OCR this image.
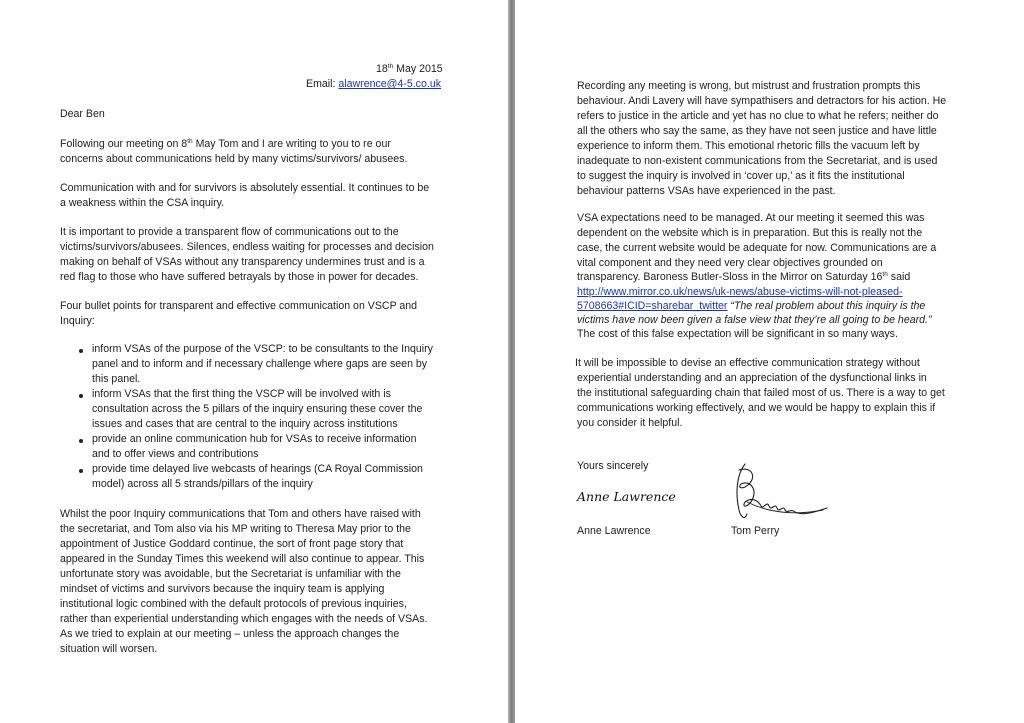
18th May 2015
Email: alawrence@4-5.co.uk
Dear Ben
Following our meeting on 8th May Tom and I are writing to you to re our
concerns about communications held by many victims/survivors/ abusees.
Communication with and for survivors is absolutely essential. It continues to be
a weakness within the CSA inquiry.
It is important to provide a transparent flow of communications out to the
victims/survivors/abusees. Silences, endless waiting for processes and decision
making on behalf of VSAs without any transparency undermines trust and is a
red flag to those who have suffered betrayals by those in power for decades.
Four bullet points for transparent and effective communication on VSCP and
Inquiry:
inform VSAs of the purpose of the VSCP: to be consultants to the Inquiry
panel and to inform and if necessary challenge where gaps are seen by
this panel.
inform VSAs that the first thing the VSCP will be involved with is
consultation across the 5 pillars of the inquiry ensuring these cover the
issues and cases that are central to the inquiry across institutions
provide an online communication hub for VSAs to receive information
and to offer views and contributions
provide time delayed live webcasts of hearings (CA Royal Commission
model) across all 5 strands/pillars of the inquiry
Whilst the poor Inquiry communications that Tom and others have raised with
the secretariat, and Tom also via his MP writing to Theresa May prior to the
appointment of Justice Goddard continue, the sort of front page story that
appeared in the Sunday Times this weekend will also continue to appear. This
unfortunate story was avoidable, but the Secretariat is unfamiliar with the
mindset of victims and survivors because the inquiry team is applying
institutional logic combined with the default protocols of previous inquiries,
rather than experiential understanding which engages with the needs of VSAs.
As we tried to explain at our meeting – unless the approach changes the
situation will worsen.
Recording any meeting is wrong, but mistrust and frustration prompts this
behaviour. Andi Lavery will have sympathisers and detractors for his action. He
refers to justice in the article and yet has no clue to what he refers; neither do
all the others who say the same, as they have not seen justice and have little
experience to inform them. This emotional rhetoric fills the vacuum left by
inadequate to non-existent communications from the Secretariat, and is used
to suggest the inquiry is involved in ‘cover up,’ as it fits the institutional
behaviour patterns VSAs have experienced in the past.
VSA expectations need to be managed. At our meeting it seemed this was
dependent on the website which is in preparation. But this is really not the
case, the current website would be adequate for now. Communications are a
vital component and they need very clear objectives grounded on
transparency. Baroness Butler-Sloss in the Mirror on Saturday 16th said
http://www.mirror.co.uk/news/uk-news/abuse-victims-will-not-pleased-
5708663#ICID=sharebar_twitter “The real problem about this inquiry is the
victims have now been given a false view that they’re all going to be heard.”
The cost of this false expectation will be significant in so many ways.
It will be impossible to devise an effective communication strategy without
experiential understanding and an appreciation of the dysfunctional links in
the institutional safeguarding chain that failed most of us. There is a way to get
communications working effectively, and we would be happy to explain this if
you consider it helpful.
Yours sincerely
Anne Lawrence
Anne Lawrence	Tom Perry
